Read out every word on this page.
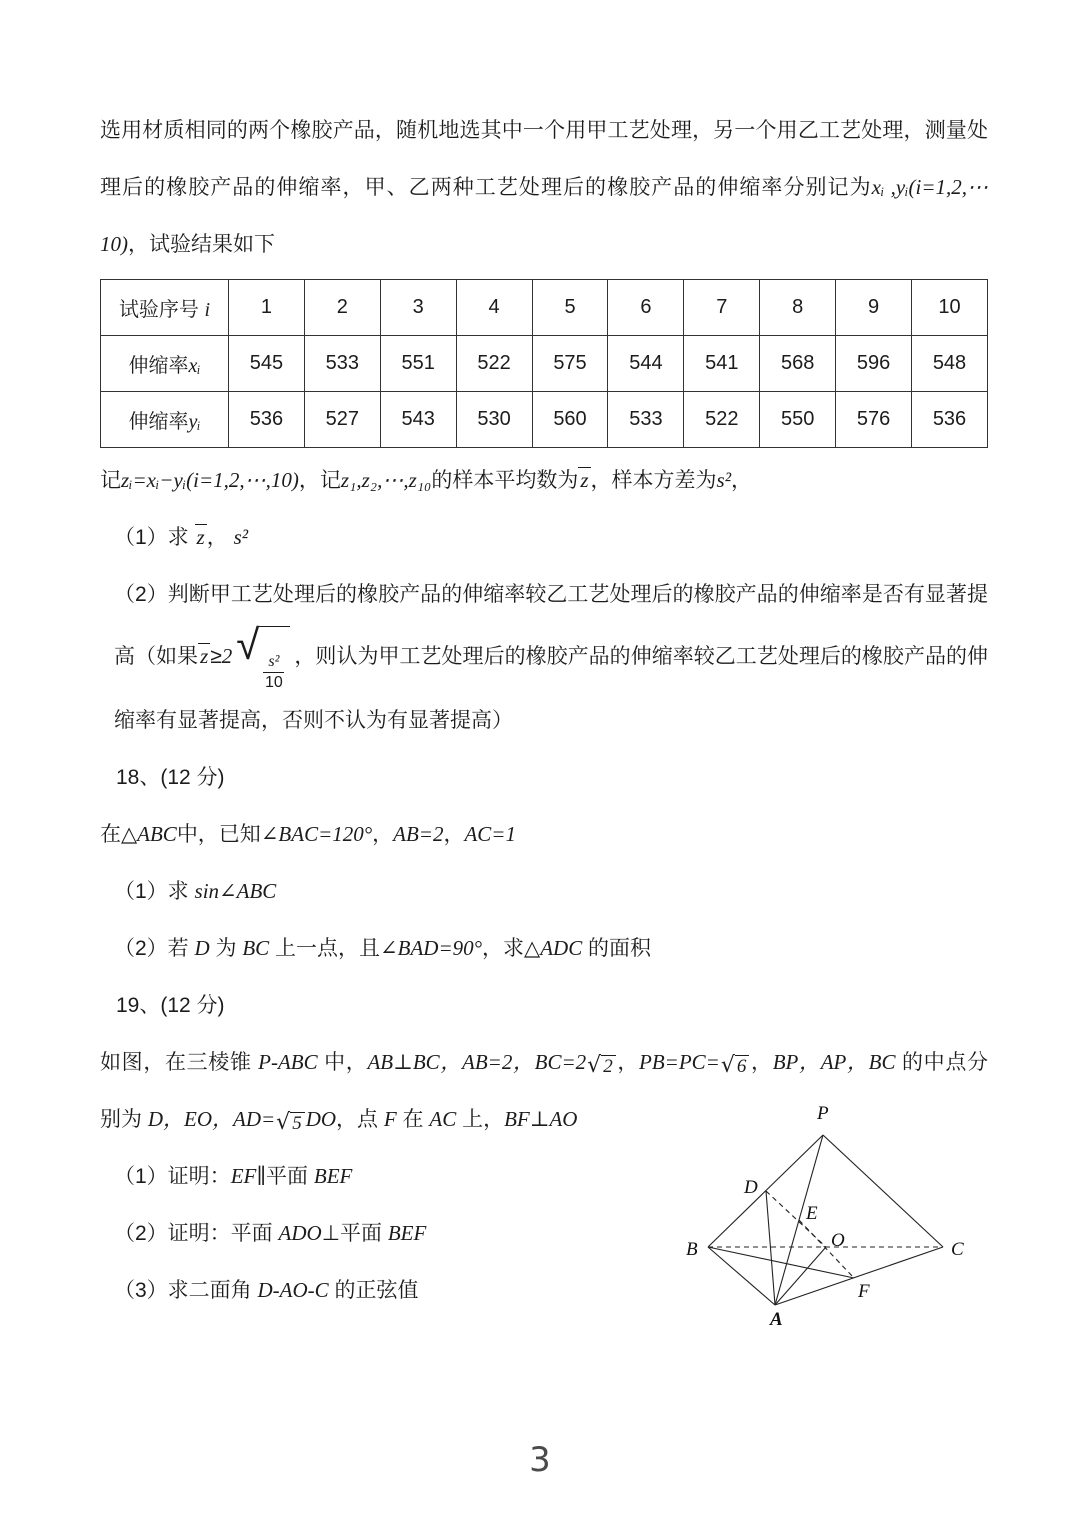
选用材质相同的两个橡胶产品，随机地选其中一个用甲工艺处理，另一个用乙工艺处理，测量处理后的橡胶产品的伸缩率，甲、乙两种工艺处理后的橡胶产品的伸缩率分别记为xᵢ ,yᵢ(i=1,2,⋯10)，试验结果如下

试验序号 i	1	2	3	4	5	6	7	8	9	10
伸缩率xᵢ	545	533	551	522	575	544	541	568	596	548
伸缩率yᵢ	536	527	543	530	560	533	522	550	576	536

记zᵢ=xᵢ−yᵢ(i=1,2,⋯,10)，记z₁,z₂,⋯,z₁₀的样本平均数为z，样本方差为s²，

（1）求 z， s²

（2）判断甲工艺处理后的橡胶产品的伸缩率较乙工艺处理后的橡胶产品的伸缩率是否有显著提高（如果z≥2 √
$\frac{\text{s²}}{10}$ ，则认为甲工艺处理后的橡胶产品的伸缩率较乙工艺处理后的橡胶产品的伸缩率有显著提高，否则不认为有显著提高）

18、(12 分)

在△ABC中，已知∠BAC=120°，AB=2，AC=1

（1）求 sin∠ABC

（2）若 D 为 BC 上一点，且∠BAD=90°，求△ADC 的面积

19、(12 分)

如图，在三棱锥 P-ABC 中，AB⊥BC，AB=2，BC=2 √ 2 ，PB=PC= √ 6 ，BP，AP，BC 的中点分别为 D，EO，AD= √ 5 DO，点 F 在 AC 上，BF⊥AO

（1）证明：EF∥平面 BEF

（2）证明：平面 ADO⊥平面 BEF

（3）求二面角 D-AO-C 的正弦值

P
D
E
B	O	C
F
A
3
